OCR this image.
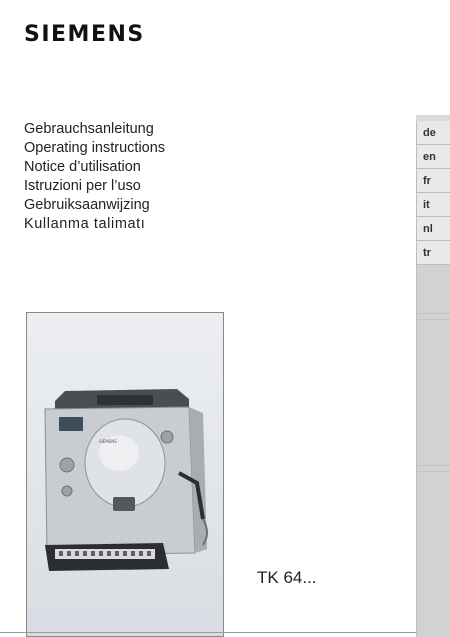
SIEMENS
Gebrauchsanleitung
Operating instructions
Notice d’utilisation
Istruzioni per l’uso
Gebruiksaanwijzing
Kullanma talimatı
de
en
fr
it
nl
tr
SIEMENS
TK 64...
